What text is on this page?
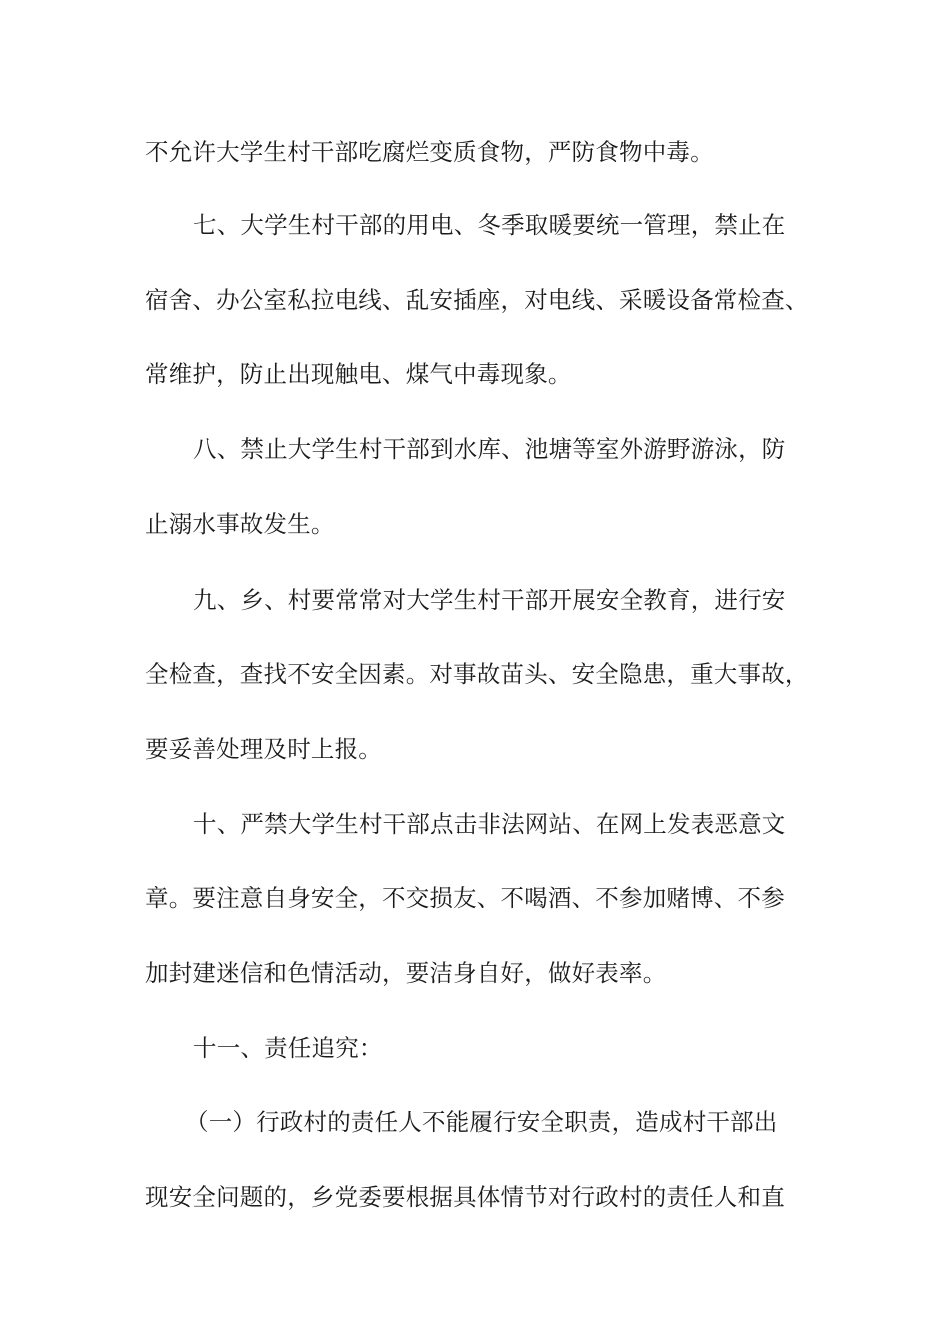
不允许大学生村干部吃腐烂变质食物，严防食物中毒。
七、大学生村干部的用电、冬季取暖要统一管理，禁止在
宿舍、办公室私拉电线、乱安插座，对电线、采暖设备常检查、
常维护，防止出现触电、煤气中毒现象。
八、禁止大学生村干部到水库、池塘等室外游野游泳，防
止溺水事故发生。
九、乡、村要常常对大学生村干部开展安全教育，进行安
全检查，查找不安全因素。对事故苗头、安全隐患，重大事故，
要妥善处理及时上报。
十、严禁大学生村干部点击非法网站、在网上发表恶意文
章。要注意自身安全，不交损友、不喝酒、不参加赌博、不参
加封建迷信和色情活动，要洁身自好，做好表率。
十一、责任追究：
（一）行政村的责任人不能履行安全职责，造成村干部出
现安全问题的，乡党委要根据具体情节对行政村的责任人和直
